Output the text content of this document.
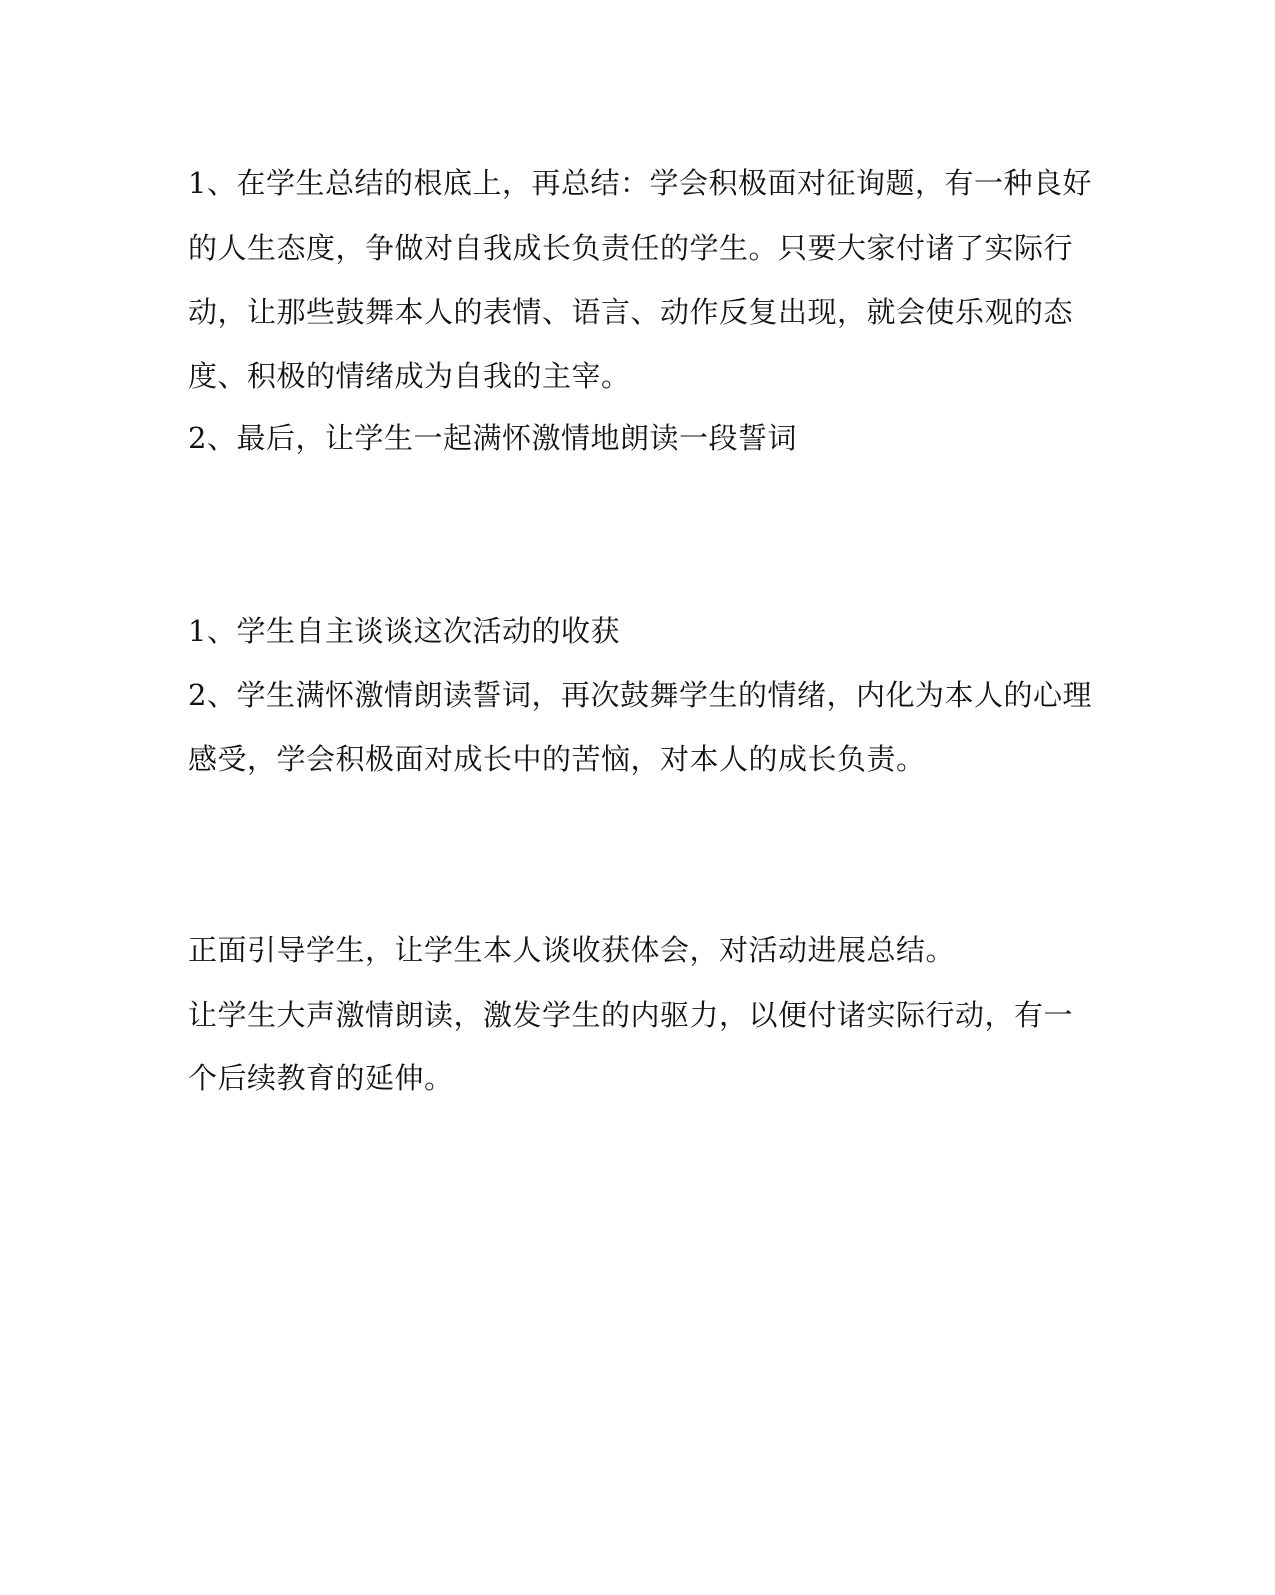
1、在学生总结的根底上，再总结：学会积极面对征询题，有一种良好
的人生态度，争做对自我成长负责任的学生。只要大家付诸了实际行
动，让那些鼓舞本人的表情、语言、动作反复出现，就会使乐观的态
度、积极的情绪成为自我的主宰。
2、最后，让学生一起满怀激情地朗读一段誓词
1、学生自主谈谈这次活动的收获
2、学生满怀激情朗读誓词，再次鼓舞学生的情绪，内化为本人的心理
感受，学会积极面对成长中的苦恼，对本人的成长负责。
正面引导学生，让学生本人谈收获体会，对活动进展总结。
让学生大声激情朗读，激发学生的内驱力，以便付诸实际行动，有一
个后续教育的延伸。
